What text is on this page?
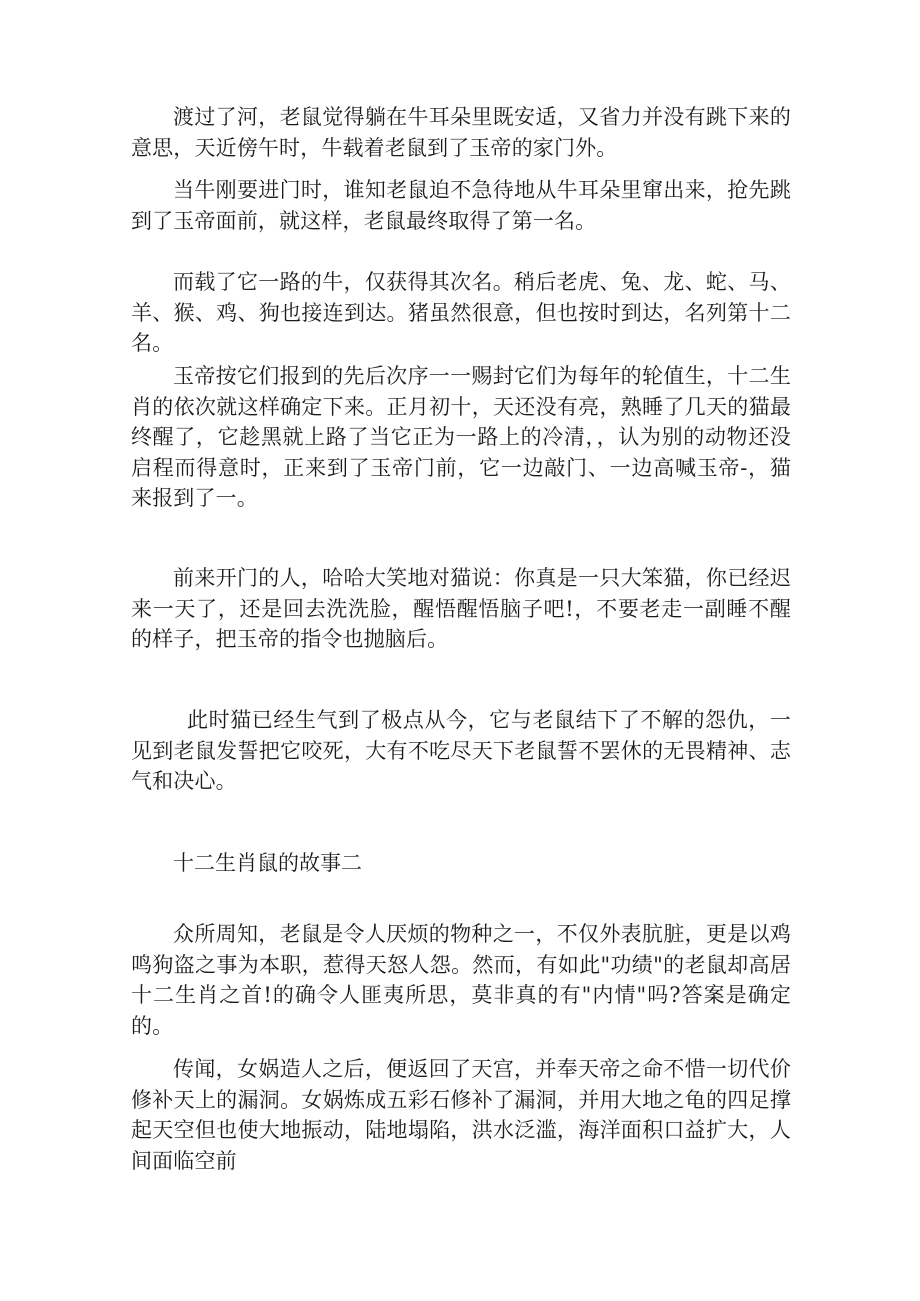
渡过了河，老鼠觉得躺在牛耳朵里既安适，又省力并没有跳下来的意思，天近傍午时，牛载着老鼠到了玉帝的家门外。

当牛刚要进门时，谁知老鼠迫不急待地从牛耳朵里窜出来，抢先跳到了玉帝面前，就这样，老鼠最终取得了第一名。

而载了它一路的牛，仅获得其次名。稍后老虎、兔、龙、蛇、马、羊、猴、鸡、狗也接连到达。猪虽然很意，但也按时到达，名列第十二名。

玉帝按它们报到的先后次序一一赐封它们为每年的轮值生，十二生肖的依次就这样确定下来。正月初十，天还没有亮，熟睡了几天的猫最终醒了，它趁黑就上路了当它正为一路上的冷清，，认为别的动物还没启程而得意时，正来到了玉帝门前，它一边敲门、一边高喊玉帝-，猫来报到了一。

前来开门的人，哈哈大笑地对猫说：你真是一只大笨猫，你已经迟来一天了，还是回去洗洗脸，醒悟醒悟脑子吧!，不要老走一副睡不醒的样子，把玉帝的指令也抛脑后。

此时猫已经生气到了极点从今，它与老鼠结下了不解的怨仇，一见到老鼠发誓把它咬死，大有不吃尽天下老鼠誓不罢休的无畏精神、志气和决心。

十二生肖鼠的故事二

众所周知，老鼠是令人厌烦的物种之一，不仅外表肮脏，更是以鸡鸣狗盗之事为本职，惹得天怒人怨。然而，有如此"功绩"的老鼠却高居十二生肖之首!的确令人匪夷所思，莫非真的有"内情"吗?答案是确定的。

传闻，女娲造人之后，便返回了天宫，并奉天帝之命不惜一切代价修补天上的漏洞。女娲炼成五彩石修补了漏洞，并用大地之龟的四足撑起天空但也使大地振动，陆地塌陷，洪水泛滥，海洋面积口益扩大，人间面临空前
